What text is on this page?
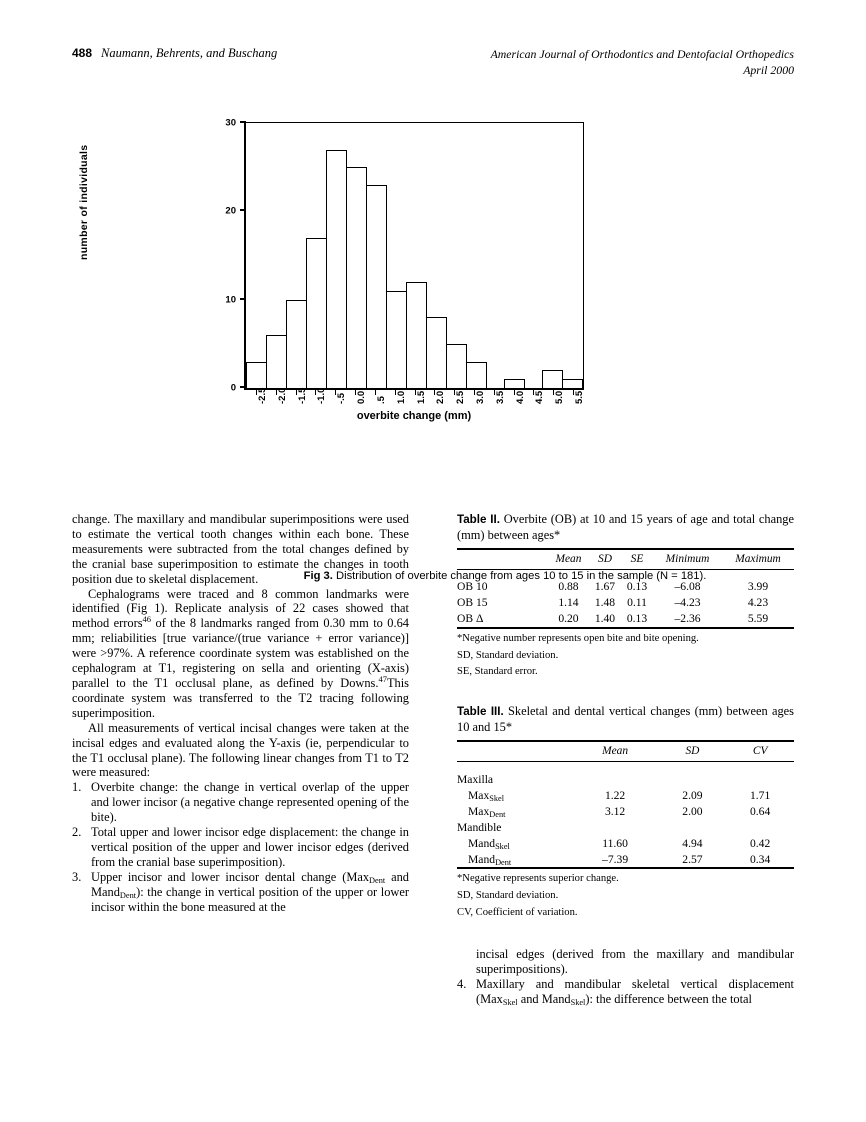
488 Naumann, Behrents, and Buschang	American Journal of Orthodontics and Dentofacial Orthopedics
April 2000
number of individuals
0
10
20
30
-2.5 -2.0 -1.5 -1.0 -.5 0.0 .5 1.0 1.5 2.0 2.5 3.0 3.5 4.0 4.5 5.0 5.5
overbite change (mm)
Fig 3. Distribution of overbite change from ages 10 to 15 in the sample (N = 181).

change. The maxillary and mandibular superimpositions were used to estimate the vertical tooth changes within each bone. These measurements were subtracted from the total changes defined by the cranial base superimposition to estimate the changes in tooth position due to skeletal displacement.

Cephalograms were traced and 8 common landmarks were identified (Fig 1). Replicate analysis of 22 cases showed that method errors$^{46}$ of the 8 landmarks ranged from 0.30 mm to 0.64 mm; reliabilities [true variance/(true variance + error variance)] were >97%. A reference coordinate system was established on the cephalogram at T1, registering on sella and orienting (X-axis) parallel to the T1 occlusal plane, as defined by Downs.$^{47}$This coordinate system was transferred to the T2 tracing following superimposition.

All measurements of vertical incisal changes were taken at the incisal edges and evaluated along the Y-axis (ie, perpendicular to the T1 occlusal plane). The following linear changes from T1 to T2 were measured:

1. Overbite change: the change in vertical overlap of the upper and lower incisor (a negative change represented opening of the bite).
2. Total upper and lower incisor edge displacement: the change in vertical position of the upper and lower incisor edges (derived from the cranial base superimposition).
3. Upper incisor and lower incisor dental change (Max$_{Dent}$ and Mand$_{Dent}$): the change in vertical position of the upper or lower incisor within the bone measured at the

Table II. Overbite (OB) at 10 and 15 years of age and total change (mm) between ages*

	Mean	SD	SE	Minimum	Maximum

OB 10	0.88	1.67	0.13	–6.08	3.99
OB 15	1.14	1.48	0.11	–4.23	4.23
OB Δ	0.20	1.40	0.13	–2.36	5.59

*Negative number represents open bite and bite opening.

SD, Standard deviation.

SE, Standard error.

Table III. Skeletal and dental vertical changes (mm) between ages 10 and 15*

	Mean	SD	CV

Maxilla			
Max$_{Skel}$	1.22	2.09	1.71
Max$_{Dent}$	3.12	2.00	0.64
Mandible			
Mand$_{Skel}$	11.60	4.94	0.42
Mand$_{Dent}$	–7.39	2.57	0.34

*Negative represents superior change.

SD, Standard deviation.

CV, Coefficient of variation.

incisal edges (derived from the maxillary and mandibular superimpositions).

4. Maxillary and mandibular skeletal vertical displacement (Max$_{Skel}$ and Mand$_{Skel}$): the difference between the total
